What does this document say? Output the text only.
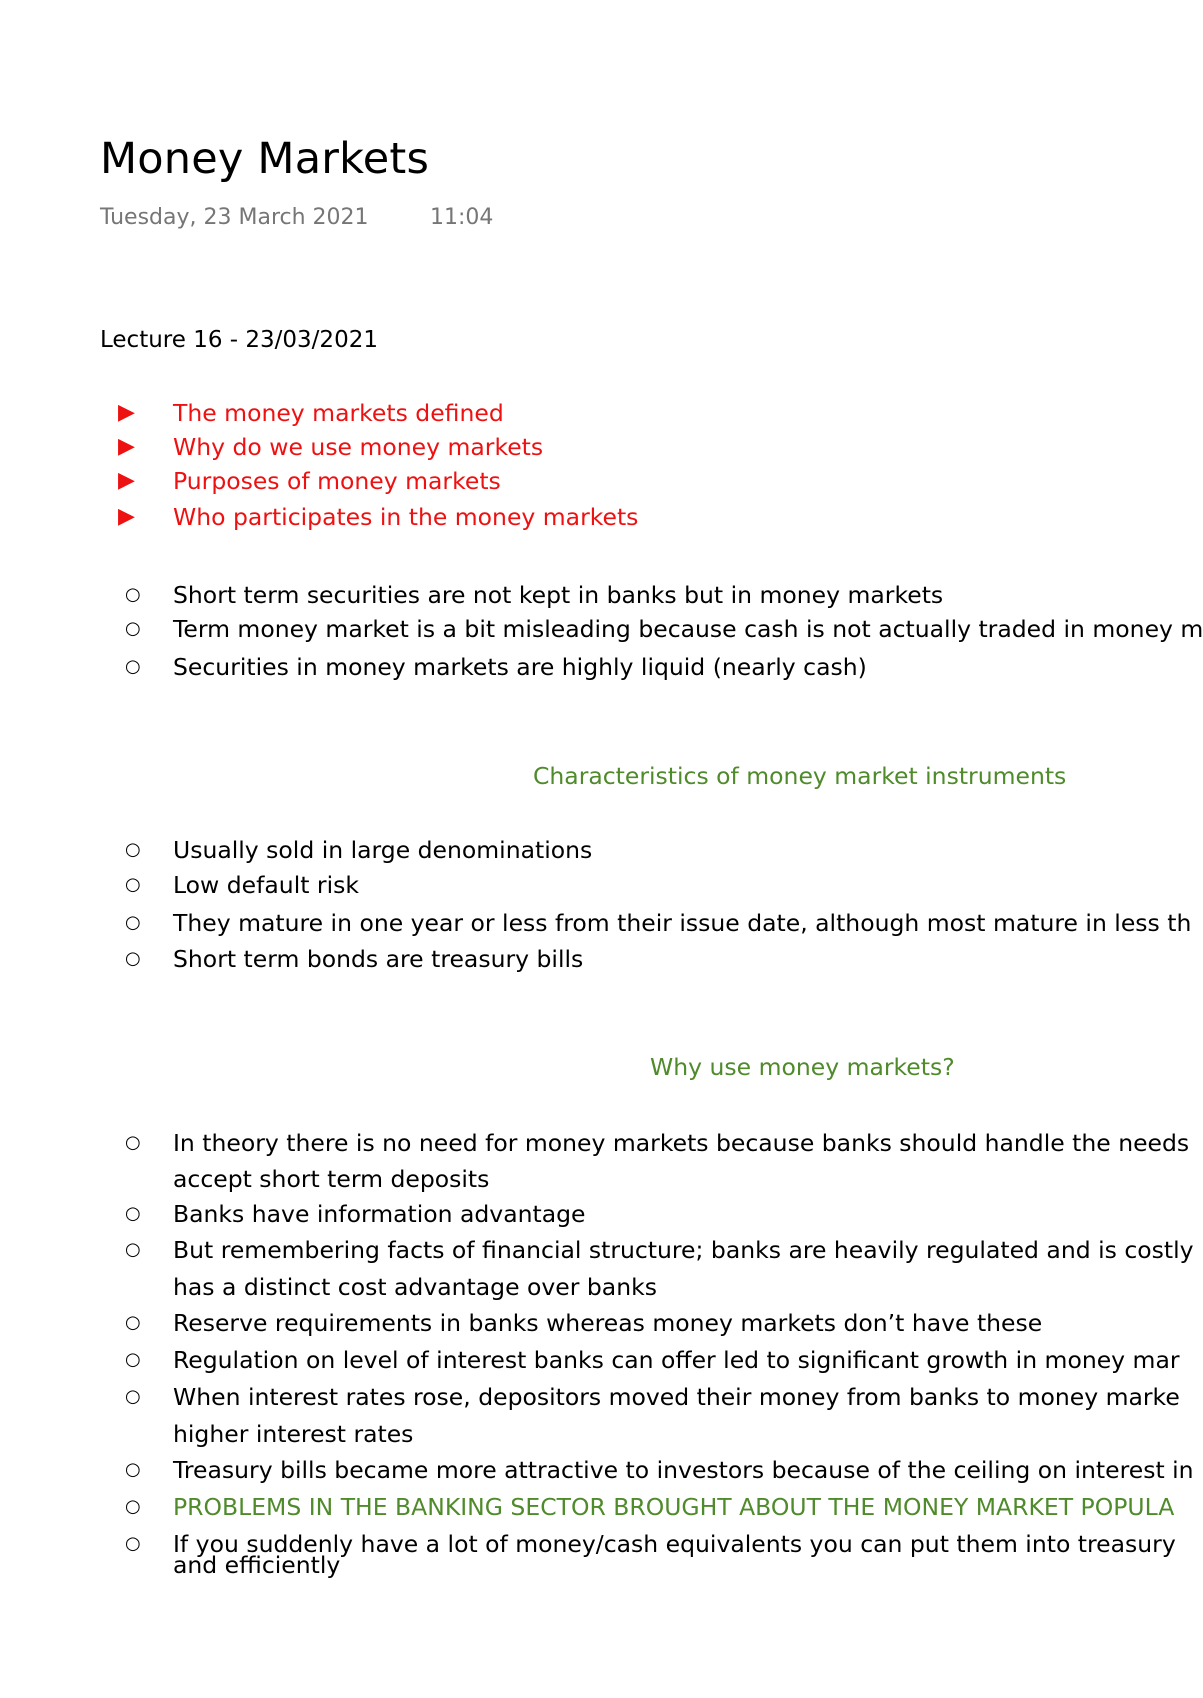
Money Markets
Tuesday, 23 March 2021	11:04
Lecture 16 - 23/03/2021
▶	The money markets defined
▶	Why do we use money markets
▶	Purposes of money markets
▶	Who participates in the money markets
○	Short term securities are not kept in banks but in money markets
○	Term money market is a bit misleading because cash is not actually traded in money m
○	Securities in money markets are highly liquid (nearly cash)
Characteristics of money market instruments
○	Usually sold in large denominations
○	Low default risk
○	They mature in one year or less from their issue date, although most mature in less th
○	Short term bonds are treasury bills
Why use money markets?
○	In theory there is no need for money markets because banks should handle the needs
accept short term deposits
○	Banks have information advantage
○	But remembering facts of financial structure; banks are heavily regulated and is costly
has a distinct cost advantage over banks
○	Reserve requirements in banks whereas money markets don’t have these
○	Regulation on level of interest banks can offer led to significant growth in money mar
○	When interest rates rose, depositors moved their money from banks to money marke
higher interest rates
○	Treasury bills became more attractive to investors because of the ceiling on interest in
○	PROBLEMS IN THE BANKING SECTOR BROUGHT ABOUT THE MONEY MARKET POPULA
○	If you suddenly have a lot of money/cash equivalents you can put them into treasury
and efficiently
